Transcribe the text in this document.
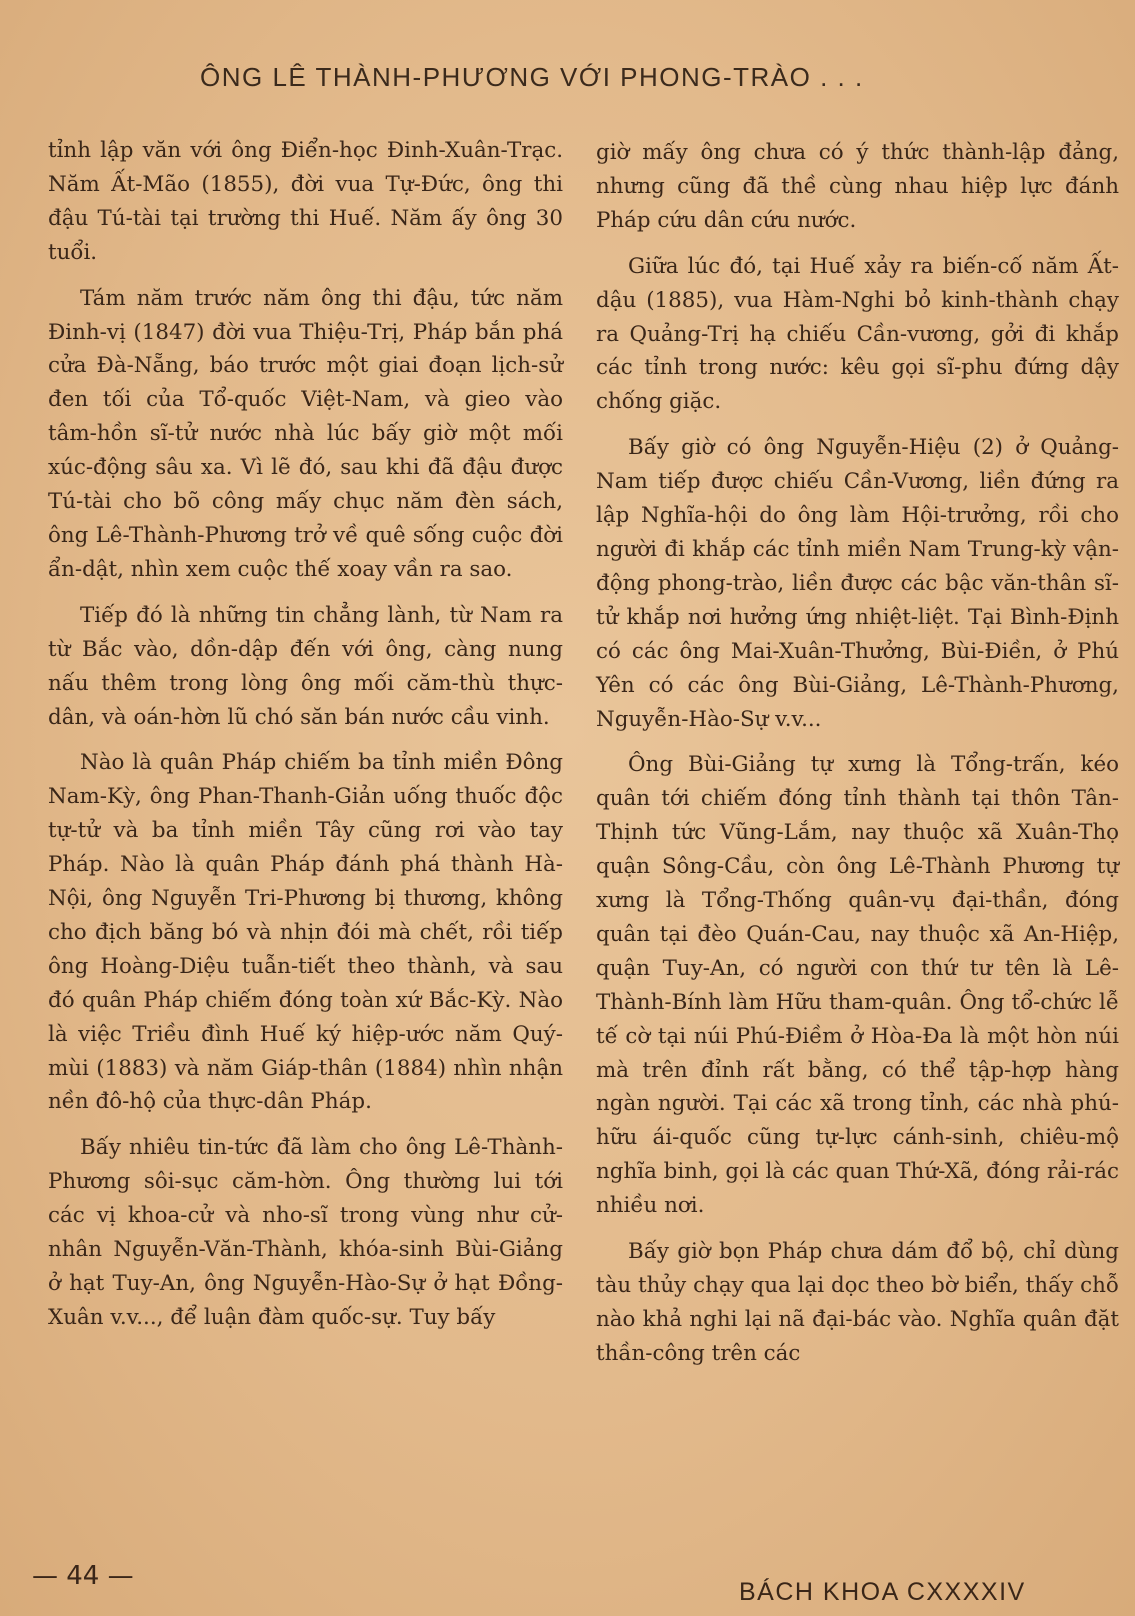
ÔNG LÊ THÀNH-PHƯƠNG VỚI PHONG-TRÀO . . .

tỉnh lập văn với ông Điển-học Đinh-Xuân-Trạc. Năm Ất-Mão (1855), đời vua Tự-Đức, ông thi đậu Tú-tài tại trường thi Huế. Năm ấy ông 30 tuổi.

Tám năm trước năm ông thi đậu, tức năm Đinh-vị (1847) đời vua Thiệu-Trị, Pháp bắn phá cửa Đà-Nẵng, báo trước một giai đoạn lịch-sử đen tối của Tổ-quốc Việt-Nam, và gieo vào tâm-hồn sĩ-tử nước nhà lúc bấy giờ một mối xúc-động sâu xa. Vì lẽ đó, sau khi đã đậu được Tú-tài cho bõ công mấy chục năm đèn sách, ông Lê-Thành-Phương trở về quê sống cuộc đời ẩn-dật, nhìn xem cuộc thế xoay vần ra sao.

Tiếp đó là những tin chẳng lành, từ Nam ra từ Bắc vào, dồn-dập đến với ông, càng nung nấu thêm trong lòng ông mối căm-thù thực-dân, và oán-hờn lũ chó săn bán nước cầu vinh.

Nào là quân Pháp chiếm ba tỉnh miền Đông Nam-Kỳ, ông Phan-Thanh-Giản uống thuốc độc tự-tử và ba tỉnh miền Tây cũng rơi vào tay Pháp. Nào là quân Pháp đánh phá thành Hà-Nội, ông Nguyễn Tri-Phương bị thương, không cho địch băng bó và nhịn đói mà chết, rồi tiếp ông Hoàng-Diệu tuẫn-tiết theo thành, và sau đó quân Pháp chiếm đóng toàn xứ Bắc-Kỳ. Nào là việc Triều đình Huế ký hiệp-ước năm Quý-mùi (1883) và năm Giáp-thân (1884) nhìn nhận nền đô-hộ của thực-dân Pháp.

Bấy nhiêu tin-tức đã làm cho ông Lê-Thành-Phương sôi-sục căm-hờn. Ông thường lui tới các vị khoa-cử và nho-sĩ trong vùng như cử-nhân Nguyễn-Văn-Thành, khóa-sinh Bùi-Giảng ở hạt Tuy-An, ông Nguyễn-Hào-Sự ở hạt Đồng-Xuân v.v..., để luận đàm quốc-sự. Tuy bấy

giờ mấy ông chưa có ý thức thành-lập đảng, nhưng cũng đã thề cùng nhau hiệp lực đánh Pháp cứu dân cứu nước.

Giữa lúc đó, tại Huế xảy ra biến-cố năm Ất-dậu (1885), vua Hàm-Nghi bỏ kinh-thành chạy ra Quảng-Trị hạ chiếu Cần-vương, gởi đi khắp các tỉnh trong nước: kêu gọi sĩ-phu đứng dậy chống giặc.

Bấy giờ có ông Nguyễn-Hiệu (2) ở Quảng-Nam tiếp được chiếu Cần-Vương, liền đứng ra lập Nghĩa-hội do ông làm Hội-trưởng, rồi cho người đi khắp các tỉnh miền Nam Trung-kỳ vận-động phong-trào, liền được các bậc văn-thân sĩ-tử khắp nơi hưởng ứng nhiệt-liệt. Tại Bình-Định có các ông Mai-Xuân-Thưởng, Bùi-Điền, ở Phú Yên có các ông Bùi-Giảng, Lê-Thành-Phương, Nguyễn-Hào-Sự v.v...

Ông Bùi-Giảng tự xưng là Tổng-trấn, kéo quân tới chiếm đóng tỉnh thành tại thôn Tân-Thịnh tức Vũng-Lắm, nay thuộc xã Xuân-Thọ quận Sông-Cầu, còn ông Lê-Thành Phương tự xưng là Tổng-Thống quân-vụ đại-thần, đóng quân tại đèo Quán-Cau, nay thuộc xã An-Hiệp, quận Tuy-An, có người con thứ tư tên là Lê-Thành-Bính làm Hữu tham-quân. Ông tổ-chức lễ tế cờ tại núi Phú-Điềm ở Hòa-Đa là một hòn núi mà trên đỉnh rất bằng, có thể tập-hợp hàng ngàn người. Tại các xã trong tỉnh, các nhà phú-hữu ái-quốc cũng tự-lực cánh-sinh, chiêu-mộ nghĩa binh, gọi là các quan Thứ-Xã, đóng rải-rác nhiều nơi.

Bấy giờ bọn Pháp chưa dám đổ bộ, chỉ dùng tàu thủy chạy qua lại dọc theo bờ biển, thấy chỗ nào khả nghi lại nã đại-bác vào. Nghĩa quân đặt thần-công trên các

— 44 —
BÁCH KHOA CXXXXIV
